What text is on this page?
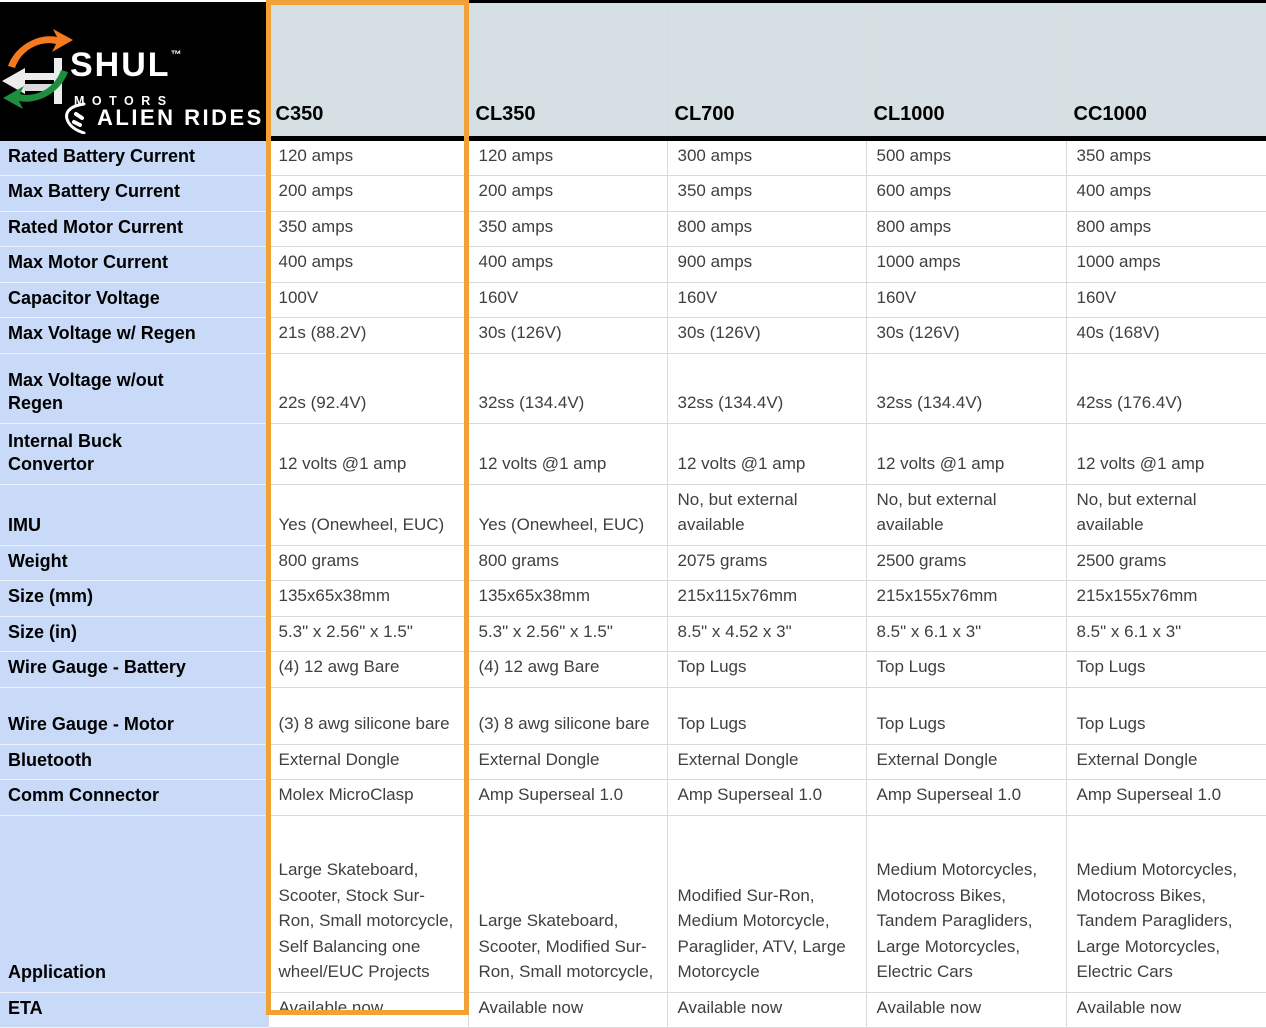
SHUL™
MOTORS
ALIEN RIDES	C350	CL350	CL700	CL1000	CC1000
Rated Battery Current	120 amps	120 amps	300 amps	500 amps	350 amps
Max Battery Current	200 amps	200 amps	350 amps	600 amps	400 amps
Rated Motor Current	350 amps	350 amps	800 amps	800 amps	800 amps
Max Motor Current	400 amps	400 amps	900 amps	1000 amps	1000 amps
Capacitor Voltage	100V	160V	160V	160V	160V
Max Voltage w/ Regen	21s (88.2V)	30s (126V)	30s (126V)	30s (126V)	40s (168V)
Max Voltage w/out Regen	22s (92.4V)	32ss (134.4V)	32ss (134.4V)	32ss (134.4V)	42ss (176.4V)
Internal Buck Convertor	12 volts @1 amp	12 volts @1 amp	12 volts @1 amp	12 volts @1 amp	12 volts @1 amp
IMU	Yes (Onewheel, EUC)	Yes (Onewheel, EUC)	No, but external available	No, but external available	No, but external available
Weight	800 grams	800 grams	2075 grams	2500 grams	2500 grams
Size (mm)	135x65x38mm	135x65x38mm	215x115x76mm	215x155x76mm	215x155x76mm
Size (in)	5.3" x 2.56" x 1.5"	5.3" x 2.56" x 1.5"	8.5" x 4.52 x 3"	8.5" x 6.1 x 3"	8.5" x 6.1 x 3"
Wire Gauge - Battery	(4) 12 awg Bare	(4) 12 awg Bare	Top Lugs	Top Lugs	Top Lugs
Wire Gauge - Motor	(3) 8 awg silicone bare	(3) 8 awg silicone bare	Top Lugs	Top Lugs	Top Lugs
Bluetooth	External Dongle	External Dongle	External Dongle	External Dongle	External Dongle
Comm Connector	Molex MicroClasp	Amp Superseal 1.0	Amp Superseal 1.0	Amp Superseal 1.0	Amp Superseal 1.0
Application	Large Skateboard, Scooter, Stock Sur-Ron, Small motorcycle, Self Balancing one wheel/EUC Projects	Large Skateboard, Scooter, Modified Sur-Ron, Small motorcycle,	Modified Sur-Ron, Medium Motorcycle, Paraglider, ATV, Large Motorcycle	Medium Motorcycles, Motocross Bikes, Tandem Paragliders, Large Motorcycles, Electric Cars	Medium Motorcycles, Motocross Bikes, Tandem Paragliders, Large Motorcycles, Electric Cars
ETA	Available now	Available now	Available now	Available now	Available now
